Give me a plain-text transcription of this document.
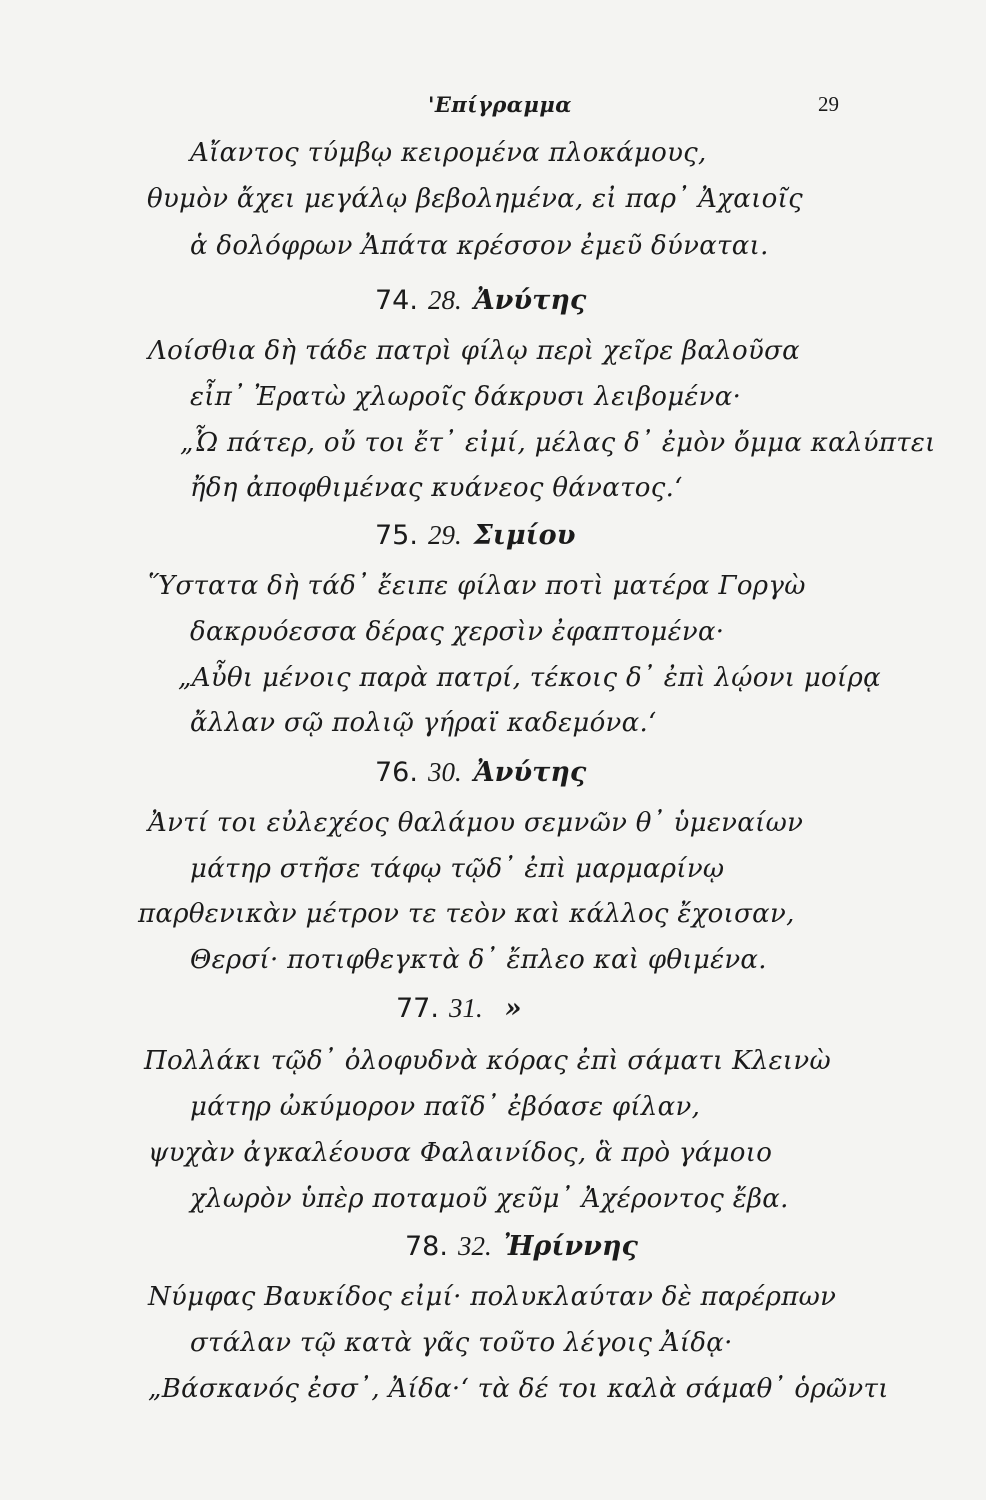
'Επίγραμμα	29
Αἴαντος τύμβῳ κειρομένα πλοκάμους,
θυμὸν ἄχει μεγάλῳ βεβολημένα, εἰ παρ᾽ Ἀχαιοῖς
ἁ δολόφρων Ἀπάτα κρέσσον ἐμεῦ δύναται.
74. 28. Ἀνύτης
Λοίσθια δὴ τάδε πατρὶ φίλῳ περὶ χεῖρε βαλοῦσα
εἶπ᾽ Ἐρατὼ χλωροῖς δάκρυσι λειβομένα·
„Ὦ πάτερ, οὔ τοι ἔτ᾽ εἰμί, μέλας δ᾽ ἐμὸν ὄμμα καλύπτει
ἤδη ἀποφθιμένας κυάνεος θάνατος.‘
75. 29. Σιμίου
Ὕστατα δὴ τάδ᾽ ἔειπε φίλαν ποτὶ ματέρα Γοργὼ
δακρυόεσσα δέρας χερσὶν ἐφαπτομένα·
„Αὖθι μένοις παρὰ πατρί, τέκοις δ᾽ ἐπὶ λῴονι μοίρᾳ
ἄλλαν σῷ πολιῷ γήραϊ καδεμόνα.‘
76. 30. Ἀνύτης
Ἀντί τοι εὐλεχέος θαλάμου σεμνῶν θ᾽ ὑμεναίων
μάτηρ στῆσε τάφῳ τῷδ᾽ ἐπὶ μαρμαρίνῳ
παρθενικὰν μέτρον τε τεὸν καὶ κάλλος ἔχοισαν,
Θερσί· ποτιφθεγκτὰ δ᾽ ἔπλεο καὶ φθιμένα.
77. 31. »
Πολλάκι τῷδ᾽ ὀλοφυδνὰ κόρας ἐπὶ σάματι Κλεινὼ
μάτηρ ὠκύμορον παῖδ᾽ ἐβόασε φίλαν,
ψυχὰν ἀγκαλέουσα Φαλαινίδος, ἃ πρὸ γάμοιο
χλωρὸν ὑπὲρ ποταμοῦ χεῦμ᾽ Ἀχέροντος ἔβα.
78. 32. Ἠρίννης
Νύμφας Βαυκίδος εἰμί· πολυκλαύταν δὲ παρέρπων
στάλαν τῷ κατὰ γᾶς τοῦτο λέγοις Ἀίδᾳ·
„Βάσκανός ἐσσ᾽, Ἀίδα·‘ τὰ δέ τοι καλὰ σάμαθ᾽ ὁρῶντι
